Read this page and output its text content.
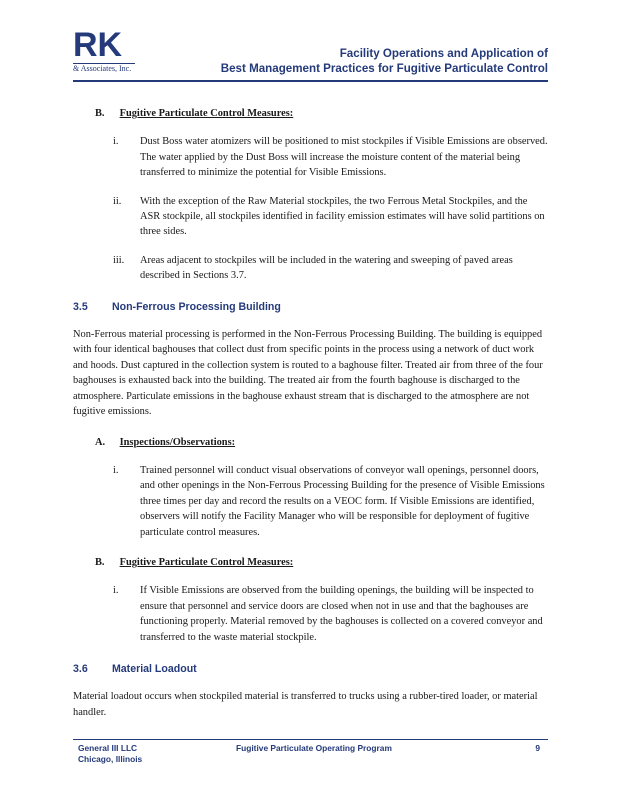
RK
& Associates, Inc.
Facility Operations and Application of
Best Management Practices for Fugitive Particulate Control

B. Fugitive Particulate Control Measures:

i.	Dust Boss water atomizers will be positioned to mist stockpiles if Visible Emissions are observed. The water applied by the Dust Boss will increase the moisture content of the material being transferred to minimize the potential for Visible Emissions.

ii.	With the exception of the Raw Material stockpiles, the two Ferrous Metal Stockpiles, and the ASR stockpile, all stockpiles identified in facility emission estimates will have solid partitions on three sides.

iii.	Areas adjacent to stockpiles will be included in the watering and sweeping of paved areas described in Sections 3.7.

3.5 Non-Ferrous Processing Building

Non-Ferrous material processing is performed in the Non-Ferrous Processing Building. The building is equipped with four identical baghouses that collect dust from specific points in the process using a network of duct work and hoods. Dust captured in the collection system is routed to a baghouse filter. Treated air from three of the four baghouses is exhausted back into the building. The treated air from the fourth baghouse is discharged to the atmosphere. Particulate emissions in the baghouse exhaust stream that is discharged to the atmosphere are not fugitive emissions.

A. Inspections/Observations:

i.	Trained personnel will conduct visual observations of conveyor wall openings, personnel doors, and other openings in the Non-Ferrous Processing Building for the presence of Visible Emissions three times per day and record the results on a VEOC form. If Visible Emissions are identified, observers will notify the Facility Manager who will be responsible for deployment of fugitive particulate control measures.

B. Fugitive Particulate Control Measures:

i.	If Visible Emissions are observed from the building openings, the building will be inspected to ensure that personnel and service doors are closed when not in use and that the baghouses are functioning properly. Material removed by the baghouses is collected on a covered conveyor and transferred to the waste material stockpile.

3.6 Material Loadout

Material loadout occurs when stockpiled material is transferred to trucks using a rubber-tired loader, or material handler.

General III LLC
Chicago, Illinois
Fugitive Particulate Operating Program	9
